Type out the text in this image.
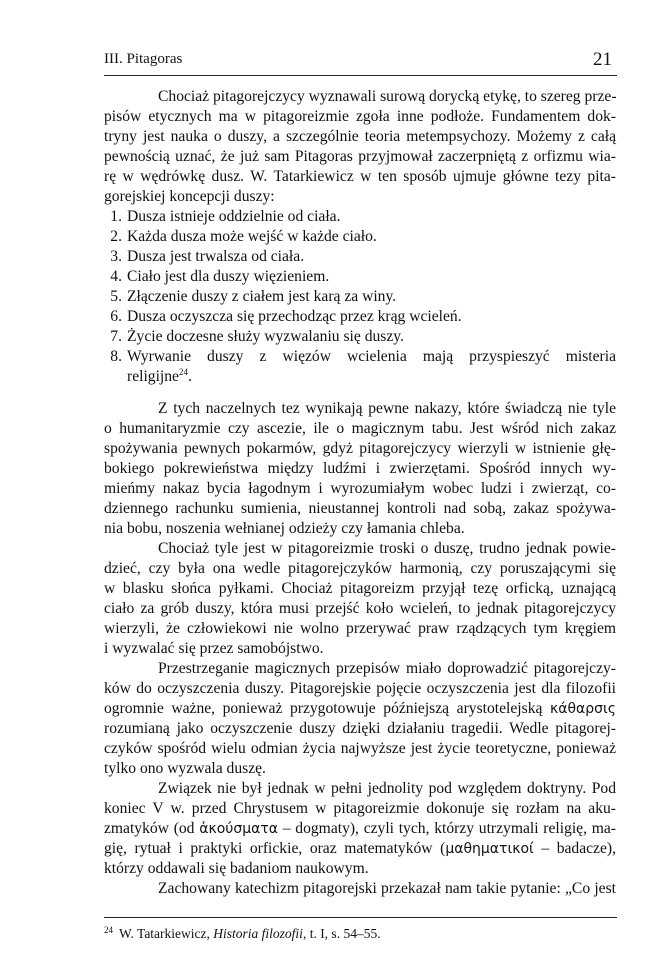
III. Pitagoras	21
Chociaż pitagorejczycy wyznawali surową dorycką etykę, to szereg prze-
pisów etycznych ma w pitagoreizmie zgoła inne podłoże. Fundamentem dok-
tryny jest nauka o duszy, a szczególnie teoria metempsychozy. Możemy z całą
pewnością uznać, że już sam Pitagoras przyjmował zaczerpniętą z orfizmu wia-
rę w wędrówkę dusz. W. Tatarkiewicz w ten sposób ujmuje główne tezy pita-
gorejskiej koncepcji duszy:
1. Dusza istnieje oddzielnie od ciała.
2. Każda dusza może wejść w każde ciało.
3. Dusza jest trwalsza od ciała.
4. Ciało jest dla duszy więzieniem.
5. Złączenie duszy z ciałem jest karą za winy.
6. Dusza oczyszcza się przechodząc przez krąg wcieleń.
7. Życie doczesne służy wyzwalaniu się duszy.
8. Wyrwanie duszy z więzów wcielenia mają przyspieszyć misteria
religijne$^{24}$.
Z tych naczelnych tez wynikają pewne nakazy, które świadczą nie tyle
o humanitaryzmie czy ascezie, ile o magicznym tabu. Jest wśród nich zakaz
spożywania pewnych pokarmów, gdyż pitagorejczycy wierzyli w istnienie głę-
bokiego pokrewieństwa między ludźmi i zwierzętami. Spośród innych wy-
mieńmy nakaz bycia łagodnym i wyrozumiałym wobec ludzi i zwierząt, co-
dziennego rachunku sumienia, nieustannej kontroli nad sobą, zakaz spożywa-
nia bobu, noszenia wełnianej odzieży czy łamania chleba.
Chociaż tyle jest w pitagoreizmie troski o duszę, trudno jednak powie-
dzieć, czy była ona wedle pitagorejczyków harmonią, czy poruszającymi się
w blasku słońca pyłkami. Chociaż pitagoreizm przyjął tezę orficką, uznającą
ciało za grób duszy, która musi przejść koło wcieleń, to jednak pitagorejczycy
wierzyli, że człowiekowi nie wolno przerywać praw rządzących tym kręgiem
i wyzwalać się przez samobójstwo.
Przestrzeganie magicznych przepisów miało doprowadzić pitagorejczy-
ków do oczyszczenia duszy. Pitagorejskie pojęcie oczyszczenia jest dla filozofii
ogromnie ważne, ponieważ przygotowuje późniejszą arystotelejską κάθαρσις
rozumianą jako oczyszczenie duszy dzięki działaniu tragedii. Wedle pitagorej-
czyków spośród wielu odmian życia najwyższe jest życie teoretyczne, ponieważ
tylko ono wyzwala duszę.
Związek nie był jednak w pełni jednolity pod względem doktryny. Pod
koniec V w. przed Chrystusem w pitagoreizmie dokonuje się rozłam na aku-
zmatyków (od ἀκούσματα – dogmaty), czyli tych, którzy utrzymali religię, ma-
gię, rytuał i praktyki orfickie, oraz matematyków (μαθηματικοί – badacze),
którzy oddawali się badaniom naukowym.
Zachowany katechizm pitagorejski przekazał nam takie pytanie: „Co jest
$^{24}$ W. Tatarkiewicz, Historia filozofii, t. I, s. 54–55.
